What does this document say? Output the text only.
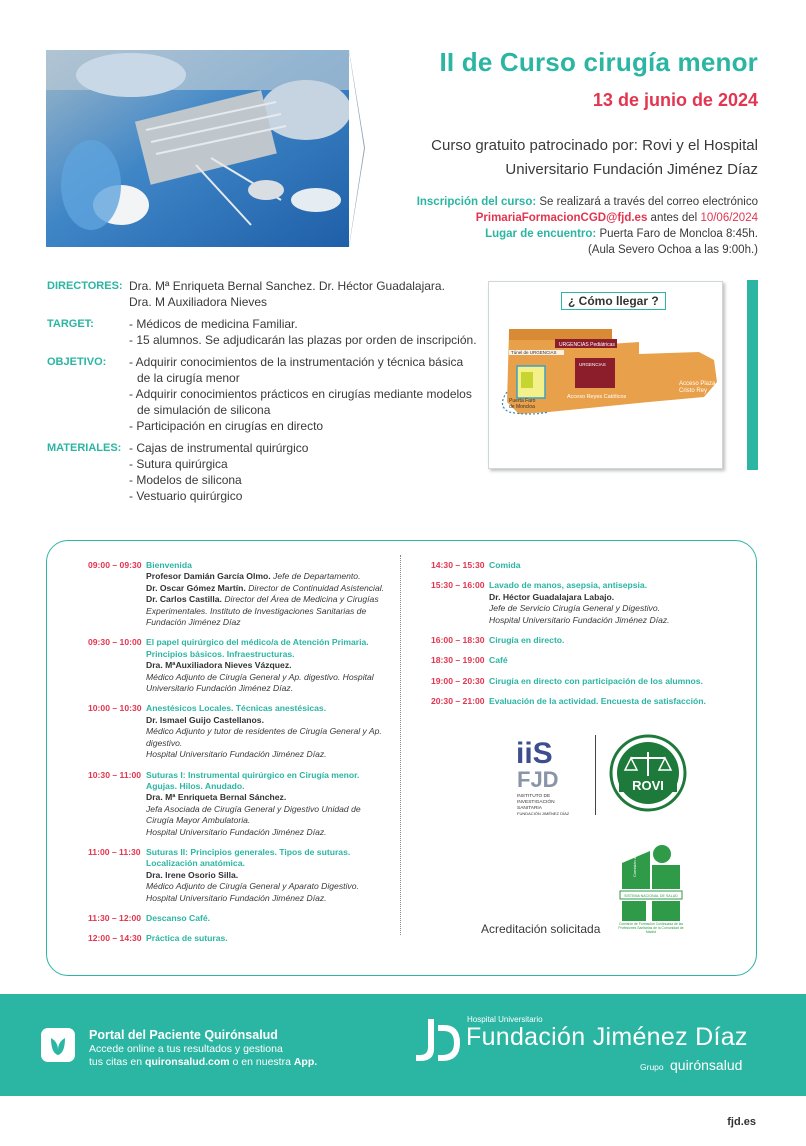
II de Curso cirugía menor
13 de junio de 2024
Curso gratuito patrocinado por: Rovi y el Hospital
Universitario Fundación Jiménez Díaz
Inscripción del curso: Se realizará a través del correo electrónico
PrimariaFormacionCGD@fjd.es antes del 10/06/2024
Lugar de encuentro: Puerta Faro de Moncloa 8:45h.
(Aula Severo Ochoa a las 9:00h.)
DIRECTORES: Dra. Mª Enriqueta Bernal Sanchez. Dr. Héctor Guadalajara.
Dra. M Auxiliadora Nieves
TARGET:	- Médicos de medicina Familiar.
- 15 alumnos. Se adjudicarán las plazas por orden de inscripción.
OBJETIVO:	- Adquirir conocimientos de la instrumentación y técnica básica de la cirugía menor
- Adquirir conocimientos prácticos en cirugías mediante modelos de simulación de silicona
- Participación en cirugías en directo
MATERIALES: - Cajas de instrumental quirúrgico
- Sutura quirúrgica
- Modelos de silicona
- Vestuario quirúrgico
URGENCIAS Pediátricas
Túnel de URGENCIAS
URGENCIAS
Puerta Faro
de Moncloa
Acceso Reyes Católicos
Acceso Plaza
Cristo Rey
¿ Cómo llegar ?
09:00 – 09:30 Bienvenida
Profesor Damián García Olmo. Jefe de Departamento.
Dr. Oscar Gómez Martín. Director de Continuidad Asistencial.
Dr. Carlos Castilla. Director del Área de Medicina y Cirugías Experimentales. Instituto de Investigaciones Sanitarias de Fundación Jiménez Díaz
09:30 – 10:00 El papel quirúrgico del médico/a de Atención Primaria. Principios básicos. Infraestructuras.
Dra. MªAuxiliadora Nieves Vázquez.
Médico Adjunto de Cirugía General y Ap. digestivo. Hospital Universitario Fundación Jiménez Díaz.
10:00 – 10:30 Anestésicos Locales. Técnicas anestésicas.
Dr. Ismael Guijo Castellanos.
Médico Adjunto y tutor de residentes de Cirugía General y Ap. digestivo.
Hospital Universitario Fundación Jiménez Díaz.
10:30 – 11:00 Suturas I: Instrumental quirúrgico en Cirugía menor. Agujas. Hilos. Anudado.
Dra. Mª Enriqueta Bernal Sánchez.
Jefa Asociada de Cirugía General y Digestivo Unidad de Cirugía Mayor Ambulatoria.
Hospital Universitario Fundación Jiménez Díaz.
11:00 – 11:30 Suturas II: Principios generales. Tipos de suturas. Localización anatómica.
Dra. Irene Osorio Silla.
Médico Adjunto de Cirugía General y Aparato Digestivo. Hospital Universitario Fundación Jiménez Díaz.
11:30 – 12:00 Descanso Café.
12:00 – 14:30 Práctica de suturas.
14:30 – 15:30 Comida
15:30 – 16:00 Lavado de manos, asepsia, antisepsia.
Dr. Héctor Guadalajara Labajo.
Jefe de Servicio Cirugía General y Digestivo.
Hospital Universitario Fundación Jiménez Díaz.
16:00 – 18:30 Cirugía en directo.
18:30 – 19:00 Café
19:00 – 20:30 Cirugía en directo con participación de los alumnos.
20:30 – 21:00 Evaluación de la actividad. Encuesta de satisfacción.
iiS
FJD
INSTITUTO DE
INVESTIGACIÓN
SANITARIA
FUNDACIÓN JIMÉNEZ DÍAZ
ROVI
Acreditación solicitada
Comisión de Formación Continuada
SISTEMA NACIONAL DE SALUD
Comisión de Formación Continuada de las Profesiones Sanitarias de la Comunidad de Madrid
Portal del Paciente Quirónsalud
Accede online a tus resultados y gestiona
tus citas en quironsalud.com o en nuestra App.
Hospital Universitario
Fundación Jiménez Díaz
Grupo quirónsalud
fjd.es
